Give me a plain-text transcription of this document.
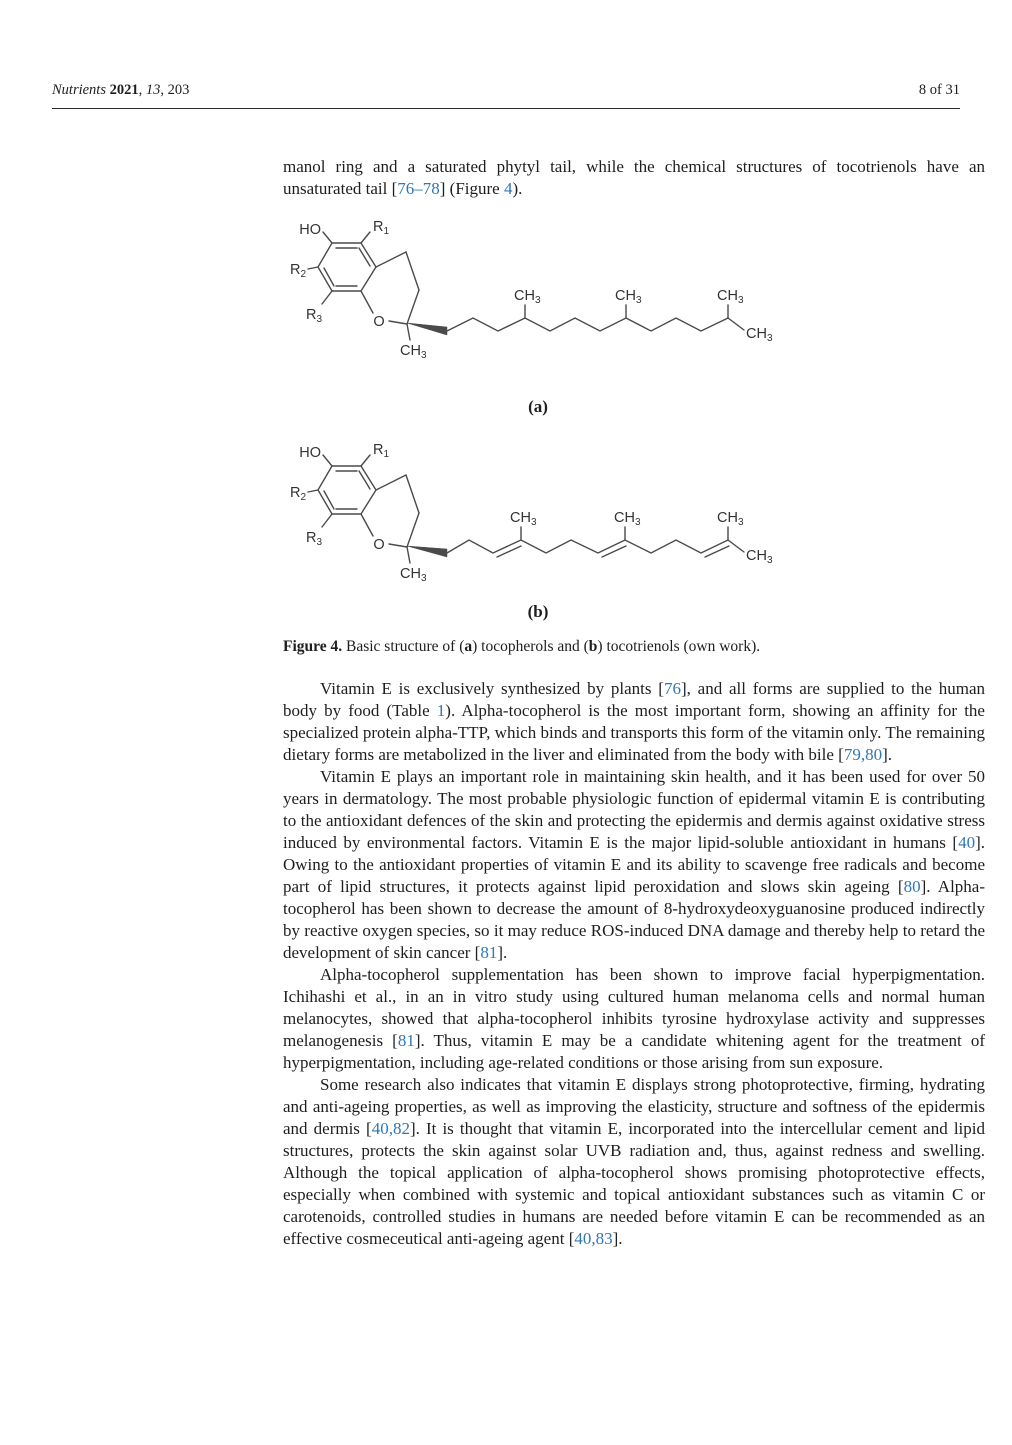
Nutrients 2021, 13, 203	8 of 31

manol ring and a saturated phytyl tail, while the chemical structures of tocotrienols have an unsaturated tail [76–78] (Figure 4).

HO	$R_1$
$R_2$
$R_3$	O
$CH_3$
$CH_3$	$CH_3$	$CH_3$
$CH_3$
(a)
HO	$R_1$
$R_2$
$R_3$	O
$CH_3$
$CH_3$	$CH_3$	$CH_3$
$CH_3$
(b)
Figure 4. Basic structure of (a) tocopherols and (b) tocotrienols (own work).

Vitamin E is exclusively synthesized by plants [76], and all forms are supplied to the human body by food (Table 1). Alpha-tocopherol is the most important form, showing an affinity for the specialized protein alpha-TTP, which binds and transports this form of the vitamin only. The remaining dietary forms are metabolized in the liver and eliminated from the body with bile [79,80].

Vitamin E plays an important role in maintaining skin health, and it has been used for over 50 years in dermatology. The most probable physiologic function of epidermal vitamin E is contributing to the antioxidant defences of the skin and protecting the epidermis and dermis against oxidative stress induced by environmental factors. Vitamin E is the major lipid-soluble antioxidant in humans [40]. Owing to the antioxidant properties of vitamin E and its ability to scavenge free radicals and become part of lipid structures, it protects against lipid peroxidation and slows skin ageing [80]. Alpha-tocopherol has been shown to decrease the amount of 8-hydroxydeoxyguanosine produced indirectly by reactive oxygen species, so it may reduce ROS-induced DNA damage and thereby help to retard the development of skin cancer [81].

Alpha-tocopherol supplementation has been shown to improve facial hyperpigmentation. Ichihashi et al., in an in vitro study using cultured human melanoma cells and normal human melanocytes, showed that alpha-tocopherol inhibits tyrosine hydroxylase activity and suppresses melanogenesis [81]. Thus, vitamin E may be a candidate whitening agent for the treatment of hyperpigmentation, including age-related conditions or those arising from sun exposure.

Some research also indicates that vitamin E displays strong photoprotective, firming, hydrating and anti-ageing properties, as well as improving the elasticity, structure and softness of the epidermis and dermis [40,82]. It is thought that vitamin E, incorporated into the intercellular cement and lipid structures, protects the skin against solar UVB radiation and, thus, against redness and swelling. Although the topical application of alpha-tocopherol shows promising photoprotective effects, especially when combined with systemic and topical antioxidant substances such as vitamin C or carotenoids, controlled studies in humans are needed before vitamin E can be recommended as an effective cosmeceutical anti-ageing agent [40,83].
